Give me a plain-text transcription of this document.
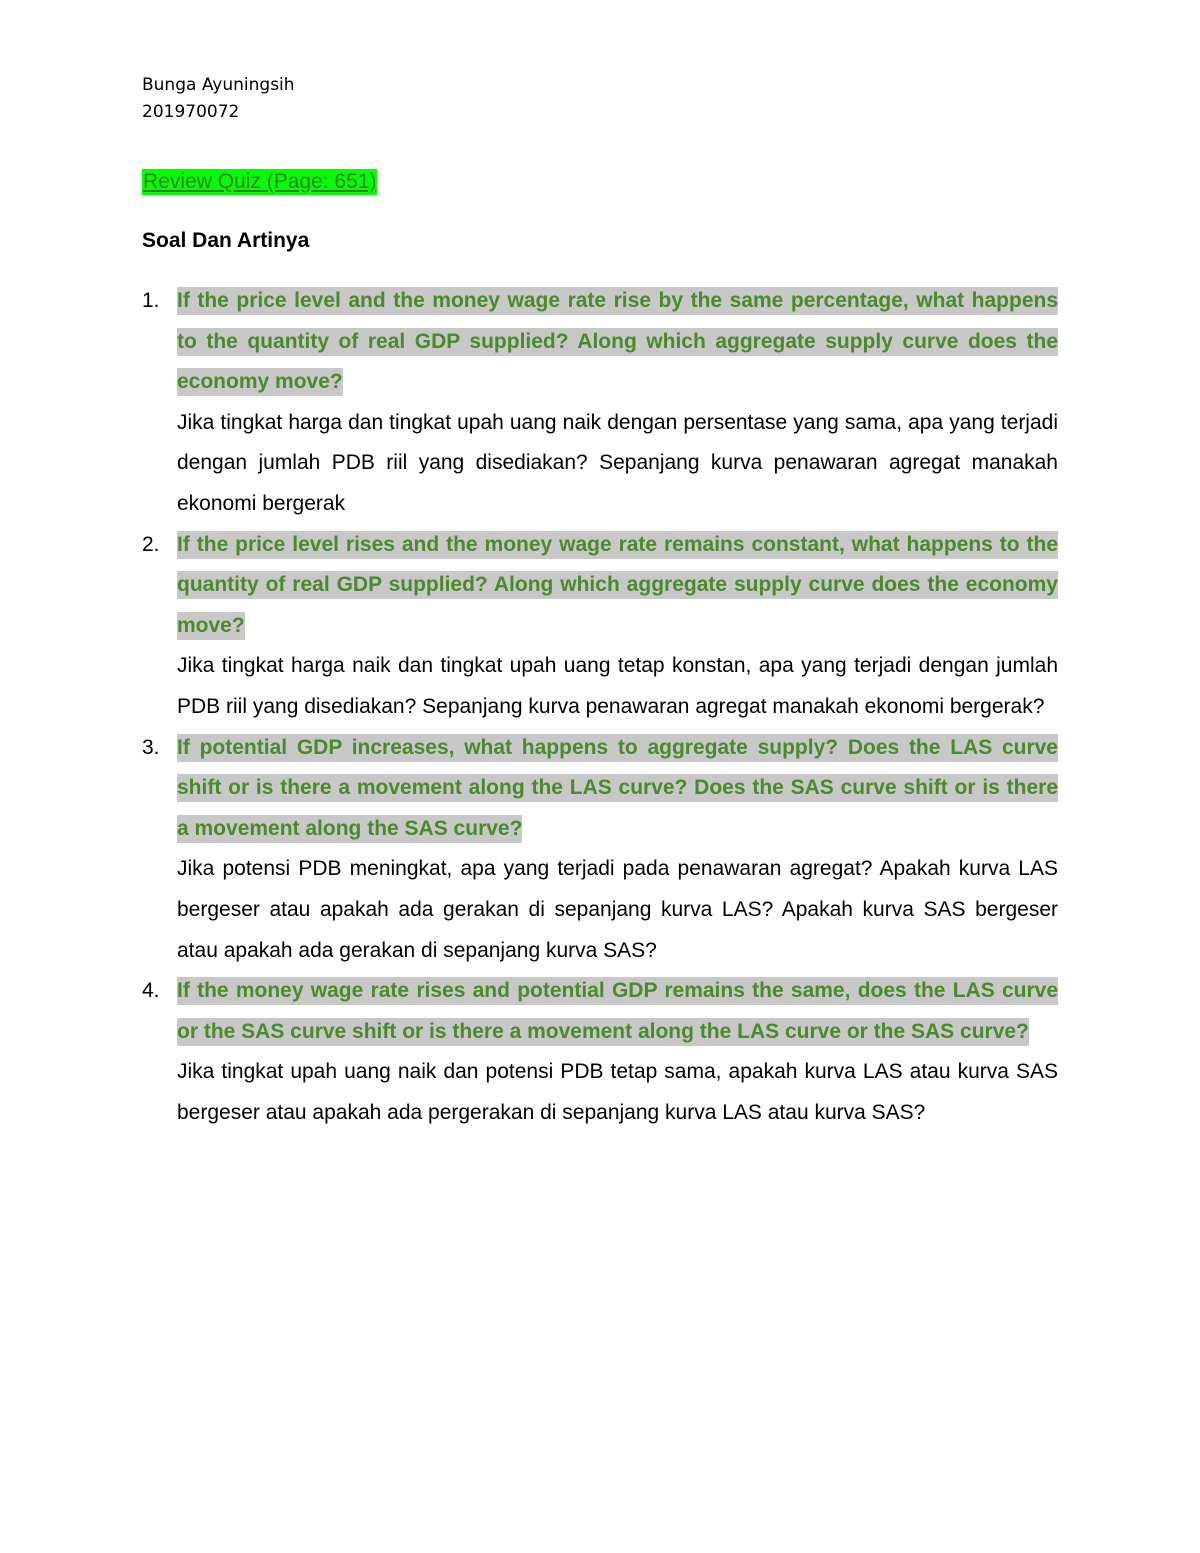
Bunga Ayuningsih
201970072
Review Quiz (Page: 651)
Soal Dan Artinya
1. If the price level and the money wage rate rise by the same percentage, what happens to the quantity of real GDP supplied? Along which aggregate supply curve does the economy move?

Jika tingkat harga dan tingkat upah uang naik dengan persentase yang sama, apa yang terjadi dengan jumlah PDB riil yang disediakan? Sepanjang kurva penawaran agregat manakah ekonomi bergerak

2. If the price level rises and the money wage rate remains constant, what happens to the quantity of real GDP supplied? Along which aggregate supply curve does the economy move?

Jika tingkat harga naik dan tingkat upah uang tetap konstan, apa yang terjadi dengan jumlah PDB riil yang disediakan? Sepanjang kurva penawaran agregat manakah ekonomi bergerak?

3. If potential GDP increases, what happens to aggregate supply? Does the LAS curve shift or is there a movement along the LAS curve? Does the SAS curve shift or is there a movement along the SAS curve?

Jika potensi PDB meningkat, apa yang terjadi pada penawaran agregat? Apakah kurva LAS bergeser atau apakah ada gerakan di sepanjang kurva LAS? Apakah kurva SAS bergeser atau apakah ada gerakan di sepanjang kurva SAS?

4. If the money wage rate rises and potential GDP remains the same, does the LAS curve or the SAS curve shift or is there a movement along the LAS curve or the SAS curve?

Jika tingkat upah uang naik dan potensi PDB tetap sama, apakah kurva LAS atau kurva SAS bergeser atau apakah ada pergerakan di sepanjang kurva LAS atau kurva SAS?
